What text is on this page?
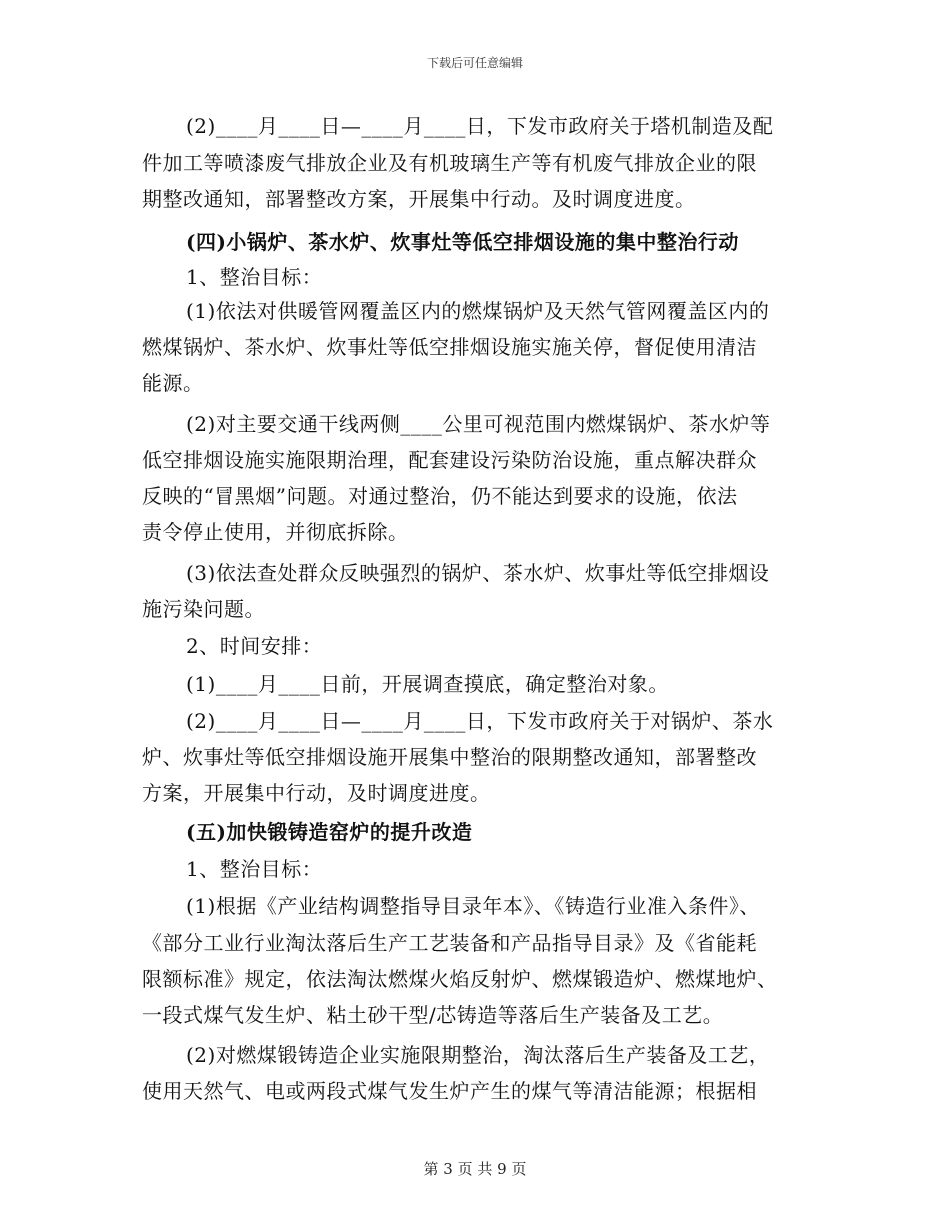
下载后可任意编辑
(2)____月____日—____月____日，下发市政府关于塔机制造及配
件加工等喷漆废气排放企业及有机玻璃生产等有机废气排放企业的限
期整改通知，部署整改方案，开展集中行动。及时调度进度。
(四)小锅炉、茶水炉、炊事灶等低空排烟设施的集中整治行动
1、整治目标：
(1)依法对供暖管网覆盖区内的燃煤锅炉及天然气管网覆盖区内的
燃煤锅炉、茶水炉、炊事灶等低空排烟设施实施关停，督促使用清洁
能源。
(2)对主要交通干线两侧____公里可视范围内燃煤锅炉、茶水炉等
低空排烟设施实施限期治理，配套建设污染防治设施，重点解决群众
反映的“冒黑烟”问题。对通过整治，仍不能达到要求的设施，依法
责令停止使用，并彻底拆除。
(3)依法查处群众反映强烈的锅炉、茶水炉、炊事灶等低空排烟设
施污染问题。
2、时间安排：
(1)____月____日前，开展调查摸底，确定整治对象。
(2)____月____日—____月____日，下发市政府关于对锅炉、茶水
炉、炊事灶等低空排烟设施开展集中整治的限期整改通知，部署整改
方案，开展集中行动，及时调度进度。
(五)加快锻铸造窑炉的提升改造
1、整治目标：
(1)根据《产业结构调整指导目录年本》、《铸造行业准入条件》、
《部分工业行业淘汰落后生产工艺装备和产品指导目录》及《省能耗
限额标准》规定，依法淘汰燃煤火焰反射炉、燃煤锻造炉、燃煤地炉、
一段式煤气发生炉、粘土砂干型/芯铸造等落后生产装备及工艺。
(2)对燃煤锻铸造企业实施限期整治，淘汰落后生产装备及工艺，
使用天然气、电或两段式煤气发生炉产生的煤气等清洁能源；根据相
第 3 页 共 9 页
